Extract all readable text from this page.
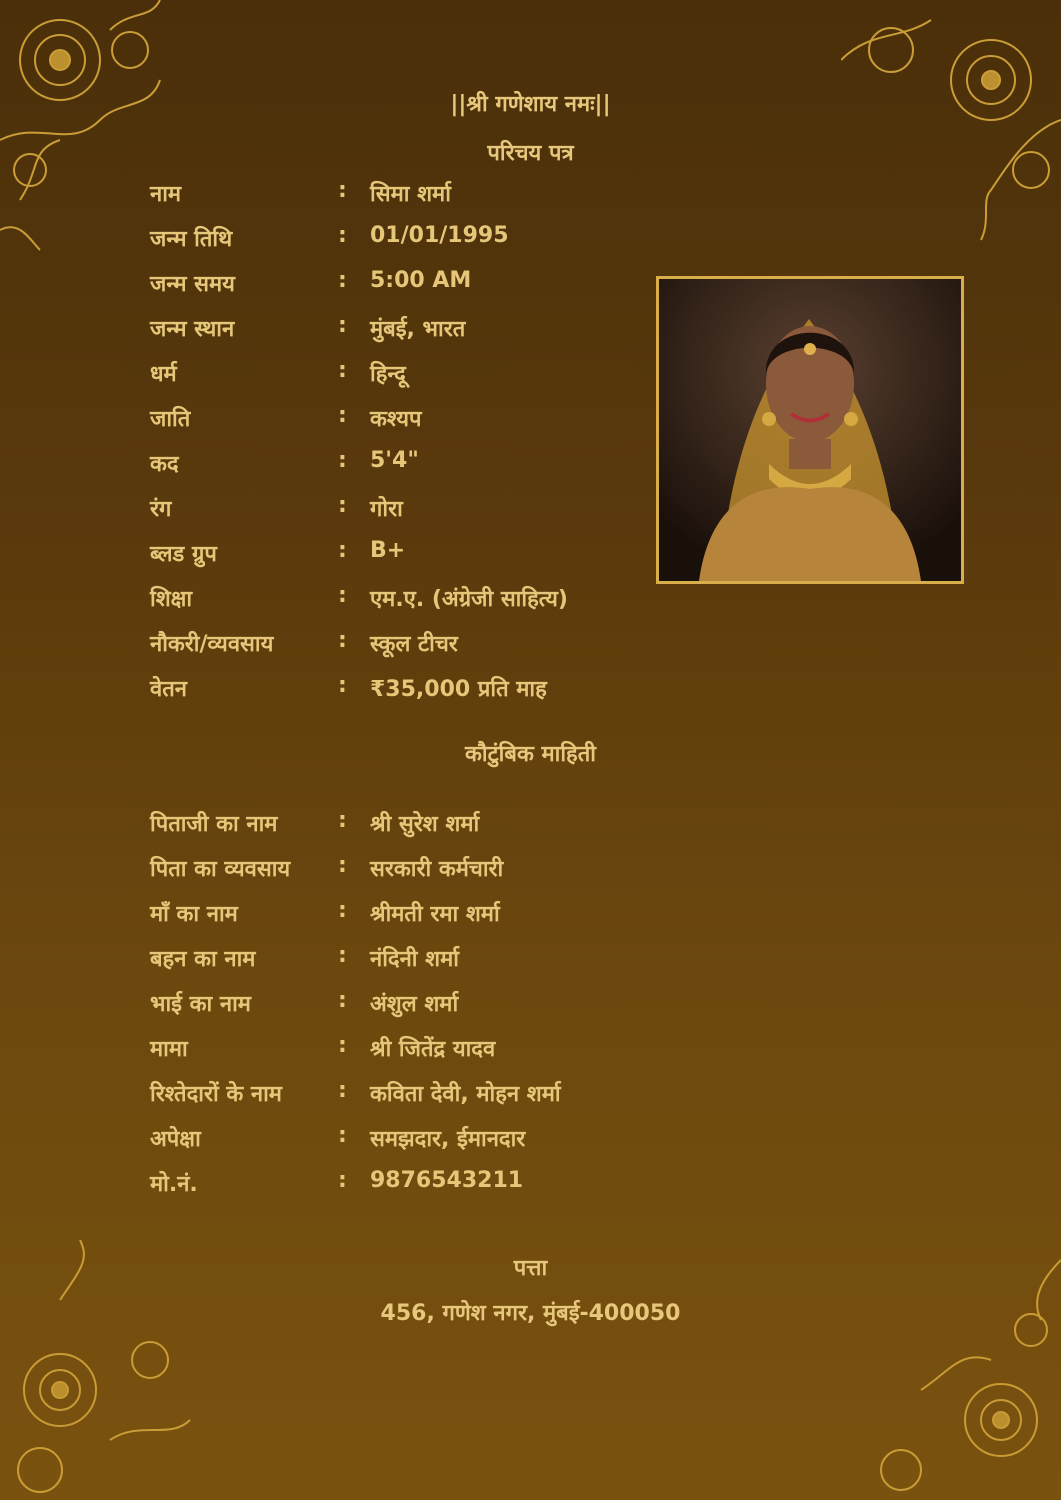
||श्री गणेशाय नमः||
परिचय पत्र
नाम	: सिमा शर्मा
जन्म तिथि	: 01/01/1995
जन्म समय	: 5:00 AM
जन्म स्थान	: मुंबई, भारत
धर्म	: हिन्दू
जाति	: कश्यप
कद	: 5'4"
रंग	: गोरा
ब्लड ग्रुप	: B+
शिक्षा	: एम.ए. (अंग्रेजी साहित्य)
नौकरी/व्यवसाय	: स्कूल टीचर
वेतन	: ₹35,000 प्रति माह
कौटुंबिक माहिती
पिताजी का नाम	: श्री सुरेश शर्मा
पिता का व्यवसाय : सरकारी कर्मचारी
माँ का नाम	: श्रीमती रमा शर्मा
बहन का नाम	: नंदिनी शर्मा
भाई का नाम	: अंशुल शर्मा
मामा	: श्री जितेंद्र यादव
रिश्तेदारों के नाम	: कविता देवी, मोहन शर्मा
अपेक्षा	: समझदार, ईमानदार
मो.नं.	: 9876543211
पत्ता
456, गणेश नगर, मुंबई-400050
